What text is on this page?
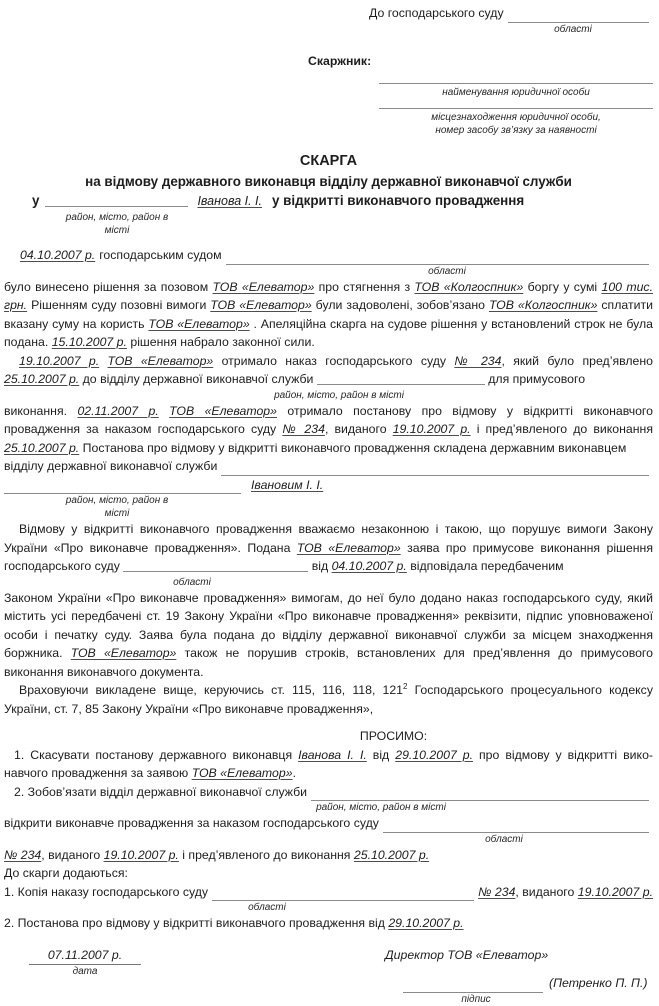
До господарського суду
області
Скаржник:
найменування юридичної особи
місцезнаходження юридичної особи,
номер засобу зв’язку за наявності
СКАРГА
на відмову державного виконавця відділу державної виконавчої служби
у	Іванова І. І. у відкритті виконавчого провадження
район, місто, район в місті
04.10.2007 р. господарським судом
області

було винесено рішення за позовом ТОВ «Елеватор» про стягнення з ТОВ «Колгоспник» боргу у сумі 100 тис. грн. Рішенням суду позовні вимоги ТОВ «Елеватор» були задоволені, зобов’язано ТОВ «Колгоспник» сплатити вказану суму на користь ТОВ «Елеватор» . Апеляційна скарга на судове рішення у встановлений строк не була подана. 15.10.2007 р. рішення набрало законної сили.

19.10.2007 р. ТОВ «Елеватор» отримало наказ господарського суду № 234, який було пред’явлено 25.10.2007 р. до відділу державної виконавчої служби	для примусового

район, місто, район в місті

виконання. 02.11.2007 р. ТОВ «Елеватор» отримало постанову про відмову у відкритті виконавчого провадження за наказом господарського суду № 234, виданого 19.10.2007 р. і пред’явленого до виконання 25.10.2007 р. Постанова про відмову у відкритті виконавчого провадження складена державним виконавцем

відділу державної виконавчої служби
Івановим І. І.
район, місто, район в місті

Відмову у відкритті виконавчого провадження вважаємо незаконною і такою, що порушує вимоги Закону України «Про виконавче провадження». Подана ТОВ «Елеватор» заява про примусове виконання рішення господарського суду	від 04.10.2007 р. відповідала передбаченим

області

Законом України «Про виконавче провадження» вимогам, до неї було додано наказ господарського суду, який містить усі передбачені ст. 19 Закону України «Про виконавче провадження» реквізити, підпис уповноваженої особи і печатку суду. Заява була подана до відділу державної виконавчої служби за місцем знаходження боржника. ТОВ «Елеватор» також не порушив строків, встановлених для пред’явлення до примусового виконання виконавчого документа.

Враховуючи викладене вище, керуючись ст. 115, 116, 118, $121^2$ Господарського процесуального кодексу України, ст. 7, 85 Закону України «Про виконавче провадження»,

ПРОСИМО:

1. Скасувати постанову державного виконавця Іванова І. І. від 29.10.2007 р. про відмову у відкритті вико-навчого провадження за заявою ТОВ «Елеватор».

2. Зобов’язати відділ державної виконавчої служби
район, місто, район в місті
відкрити виконавче провадження за наказом господарського суду
області

№ 234, виданого 19.10.2007 р. і пред’явленого до виконання 25.10.2007 р.

До скарги додаються:

1. Копія наказу господарського суду	№ 234, виданого 19.10.2007 р.
області

2. Постанова про відмову у відкритті виконавчого провадження від 29.10.2007 р.

07.11.2007 р.
дата
Директор ТОВ «Елеватор»
(Петренко П. П.)
підпис
